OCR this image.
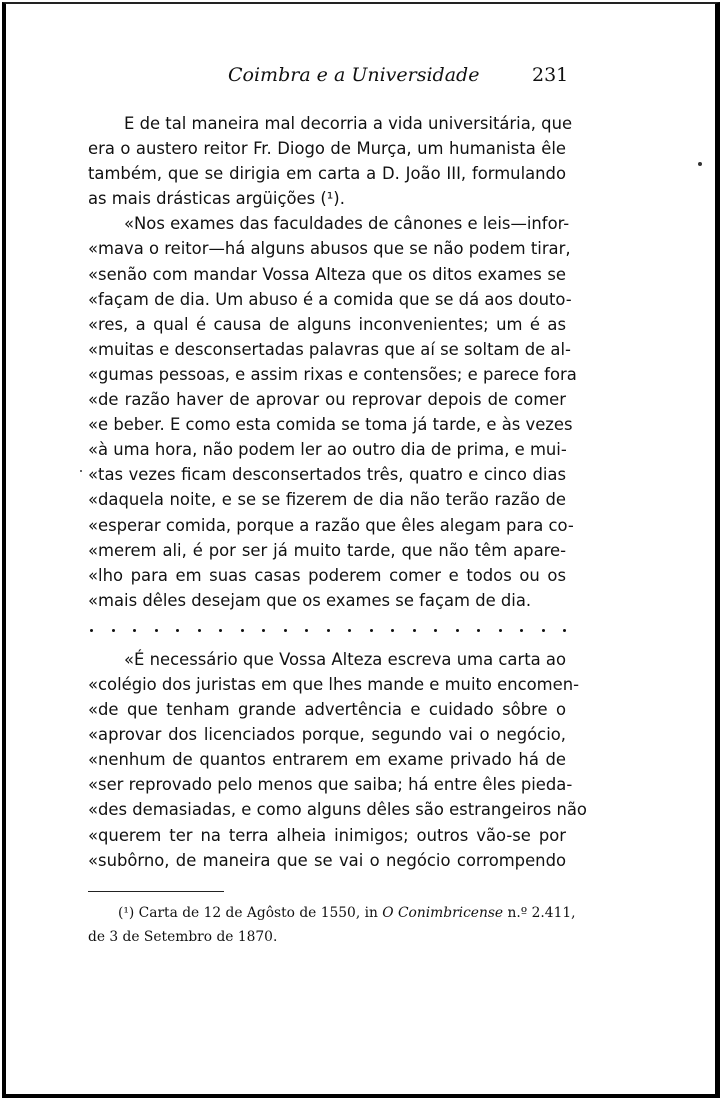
Coimbra e a Universidade	231
E de tal maneira mal decorria a vida universitária, que
era o austero reitor Fr. Diogo de Murça, um humanista êle
também, que se dirigia em carta a D. João III, formulando
as mais drásticas argüições (¹).
«Nos exames das faculdades de cânones e leis—infor-
«mava o reitor—há alguns abusos que se não podem tirar,
«senão com mandar Vossa Alteza que os ditos exames se
«façam de dia. Um abuso é a comida que se dá aos douto-
«res, a qual é causa de alguns inconvenientes; um é as
«muitas e desconsertadas palavras que aí se soltam de al-
«gumas pessoas, e assim rixas e contensões; e parece fora
«de razão haver de aprovar ou reprovar depois de comer
«e beber. E como esta comida se toma já tarde, e às vezes
«à uma hora, não podem ler ao outro dia de prima, e mui-
«tas vezes ficam desconsertados três, quatro e cinco dias
«daquela noite, e se se fizerem de dia não terão razão de
«esperar comida, porque a razão que êles alegam para co-
«merem ali, é por ser já muito tarde, que não têm apare-
«lho para em suas casas poderem comer e todos ou os
«mais dêles desejam que os exames se façam de dia.
«É necessário que Vossa Alteza escreva uma carta ao
«colégio dos juristas em que lhes mande e muito encomen-
«de que tenham grande advertência e cuidado sôbre o
«aprovar dos licenciados porque, segundo vai o negócio,
«nenhum de quantos entrarem em exame privado há de
«ser reprovado pelo menos que saiba; há entre êles pieda-
«des demasiadas, e como alguns dêles são estrangeiros não
«querem ter na terra alheia inimigos; outros vão-se por
«subôrno, de maneira que se vai o negócio corrompendo
(¹) Carta de 12 de Agôsto de 1550, in O Conimbricense n.º 2.411,
de 3 de Setembro de 1870.
